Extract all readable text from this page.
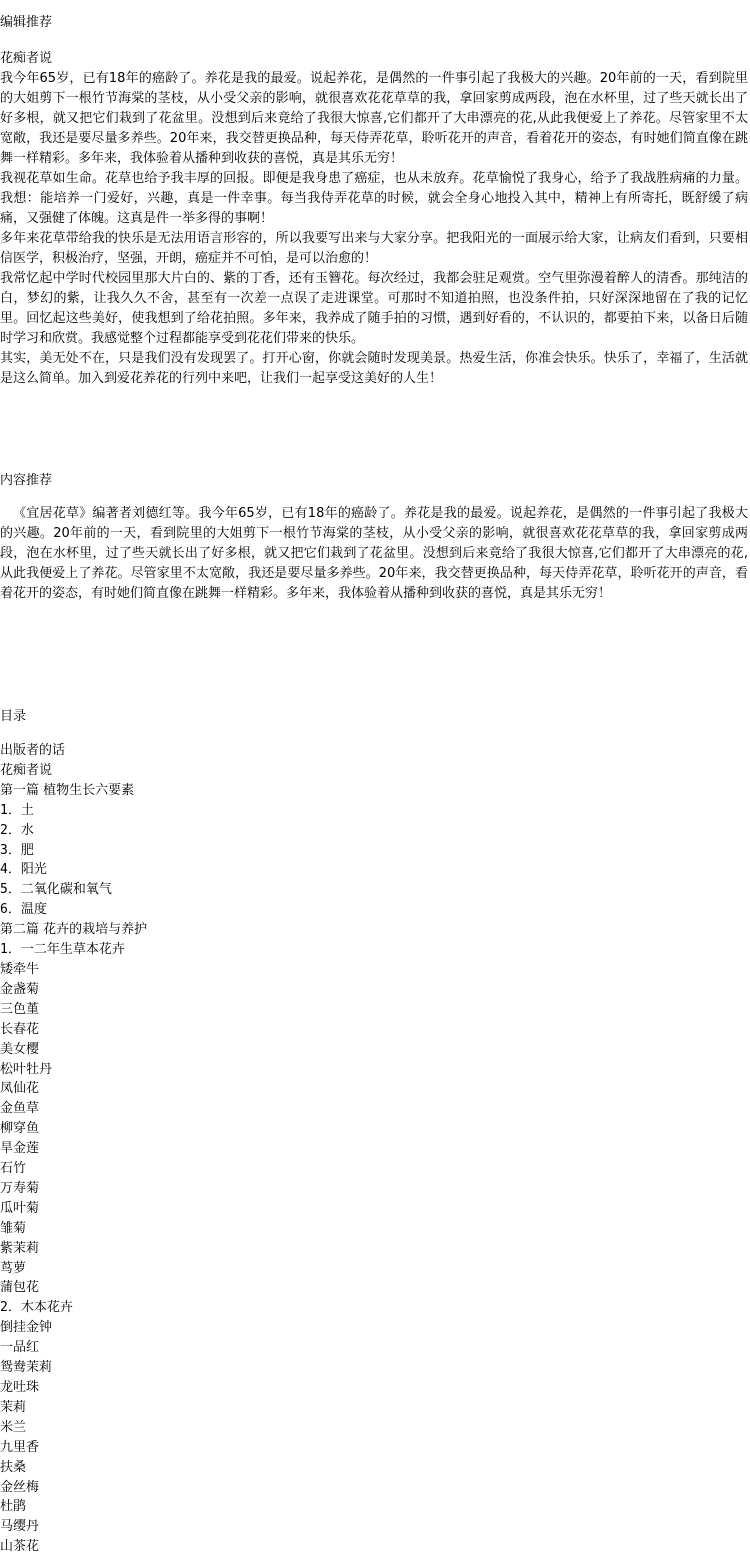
编辑推荐

花痴者说

我今年65岁，已有18年的癌龄了。养花是我的最爱。说起养花，是偶然的一件事引起了我极大的兴趣。20年前的一天，看到院里的大姐剪下一根竹节海棠的茎枝，从小受父亲的影响，就很喜欢花花草草的我，拿回家剪成两段，泡在水杯里，过了些天就长出了好多根，就又把它们栽到了花盆里。没想到后来竟给了我很大惊喜,它们都开了大串漂亮的花,从此我便爱上了养花。尽管家里不太宽敞，我还是要尽量多养些。20年来，我交替更换品种，每天侍弄花草，聆听花开的声音，看着花开的姿态，有时她们简直像在跳舞一样精彩。多年来，我体验着从播种到收获的喜悦，真是其乐无穷！

我视花草如生命。花草也给予我丰厚的回报。即便是我身患了癌症，也从未放弃。花草愉悦了我身心，给予了我战胜病痛的力量。我想：能培养一门爱好，兴趣，真是一件幸事。每当我侍弄花草的时候，就会全身心地投入其中，精神上有所寄托，既舒缓了病痛，又强健了体魄。这真是件一举多得的事啊！

多年来花草带给我的快乐是无法用语言形容的，所以我要写出来与大家分享。把我阳光的一面展示给大家，让病友们看到，只要相信医学，积极治疗，坚强，开朗，癌症并不可怕，是可以治愈的！

我常忆起中学时代校园里那大片白的、紫的丁香，还有玉簪花。每次经过，我都会驻足观赏。空气里弥漫着醉人的清香。那纯洁的白，梦幻的紫，让我久久不舍，甚至有一次差一点误了走进课堂。可那时不知道拍照，也没条件拍，只好深深地留在了我的记忆里。回忆起这些美好，使我想到了给花拍照。多年来，我养成了随手拍的习惯，遇到好看的，不认识的，都要拍下来，以备日后随时学习和欣赏。我感觉整个过程都能享受到花花们带来的快乐。

其实，美无处不在，只是我们没有发现罢了。打开心窗，你就会随时发现美景。热爱生活，你准会快乐。快乐了，幸福了，生活就是这么简单。加入到爱花养花的行列中来吧，让我们一起享受这美好的人生！

内容推荐

《宜居花草》编著者刘德红等。我今年65岁，已有18年的癌龄了。养花是我的最爱。说起养花，是偶然的一件事引起了我极大的兴趣。20年前的一天，看到院里的大姐剪下一根竹节海棠的茎枝，从小受父亲的影响，就很喜欢花花草草的我，拿回家剪成两段，泡在水杯里，过了些天就长出了好多根，就又把它们栽到了花盆里。没想到后来竟给了我很大惊喜,它们都开了大串漂亮的花,从此我便爱上了养花。尽管家里不太宽敞，我还是要尽量多养些。20年来，我交替更换品种，每天侍弄花草，聆听花开的声音，看着花开的姿态，有时她们简直像在跳舞一样精彩。多年来，我体验着从播种到收获的喜悦，真是其乐无穷！

目录
出版者的话
花痴者说
第一篇 植物生长六要素
1．土
2．水
3．肥
4．阳光
5．二氧化碳和氧气
6．温度
第二篇 花卉的栽培与养护
1．一二年生草本花卉
矮牵牛
金盏菊
三色堇
长春花
美女樱
松叶牡丹
凤仙花
金鱼草
柳穿鱼
旱金莲
石竹
万寿菊
瓜叶菊
雏菊
紫茉莉
茑萝
蒲包花
2．木本花卉
倒挂金钟
一品红
鸳鸯茉莉
龙吐珠
茉莉
米兰
九里香
扶桑
金丝梅
杜鹃
马缨丹
山茶花
